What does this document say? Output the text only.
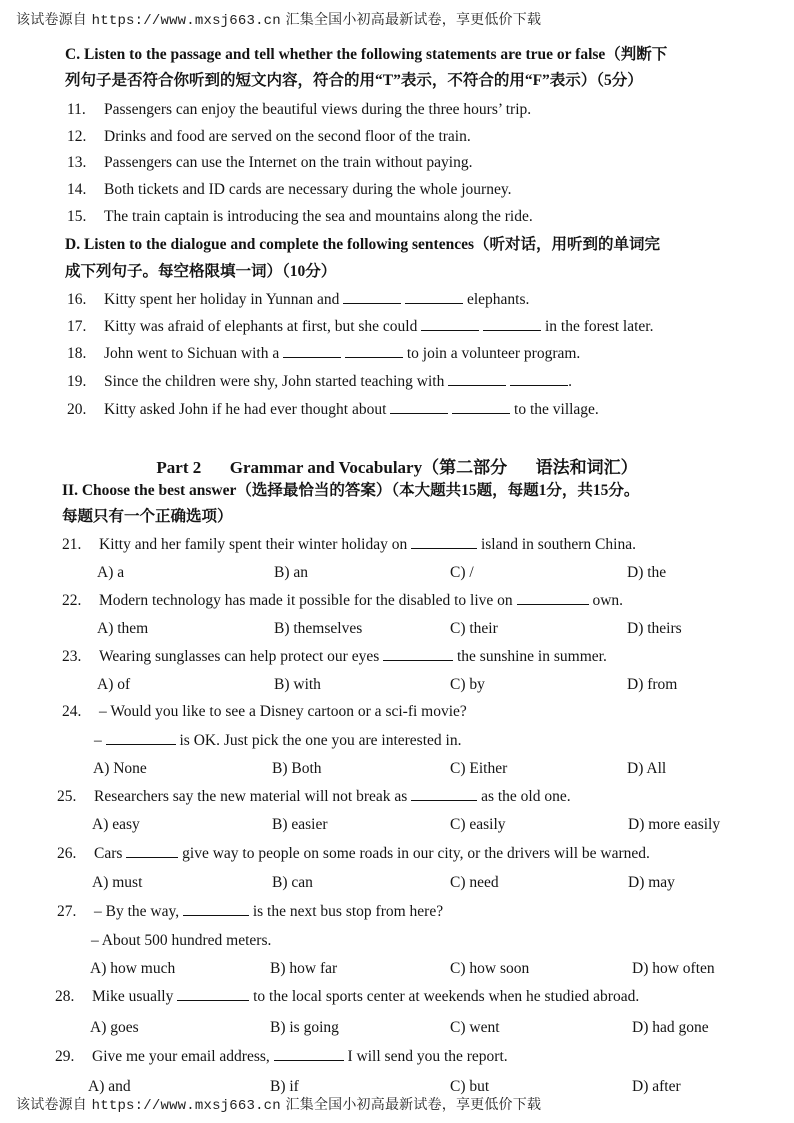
该试卷源自 https://www.mxsj663.cn 汇集全国小初高最新试卷，享更低价下载
C. Listen to the passage and tell whether the following statements are true or false（判断下
列句子是否符合你听到的短文内容，符合的用“T”表示，不符合的用“F”表示）（5分）
11. Passengers can enjoy the beautiful views during the three hours’ trip.
12. Drinks and food are served on the second floor of the train.
13. Passengers can use the Internet on the train without paying.
14. Both tickets and ID cards are necessary during the whole journey.
15. The train captain is introducing the sea and mountains along the ride.
D. Listen to the dialogue and complete the following sentences（听对话，用听到的单词完
成下列句子。每空格限填一词）（10分）
16. Kitty spent her holiday in Yunnan and	elephants.
17. Kitty was afraid of elephants at first, but she could	in the forest later.
18. John went to Sichuan with a	to join a volunteer program.
19. Since the children were shy, John started teaching with	.
20. Kitty asked John if he had ever thought about	to the village.
Part 2 Grammar and Vocabulary（第二部分 语法和词汇）
II. Choose the best answer（选择最恰当的答案）（本大题共15题，每题1分，共15分。
每题只有一个正确选项）
21. Kitty and her family spent their winter holiday on	island in southern China.
A) a	B) an	C) /	D) the
22. Modern technology has made it possible for the disabled to live on	own.
A) them	B) themselves	C) their	D) theirs
23. Wearing sunglasses can help protect our eyes	the sunshine in summer.
A) of	B) with	C) by	D) from
24. – Would you like to see a Disney cartoon or a sci-fi movie?
–	is OK. Just pick the one you are interested in.
A) None	B) Both	C) Either	D) All
25. Researchers say the new material will not break as	as the old one.
A) easy	B) easier	C) easily	D) more easily
26. Cars	give way to people on some roads in our city, or the drivers will be warned.
A) must	B) can	C) need	D) may
27. – By the way,	is the next bus stop from here?
– About 500 hundred meters.
A) how much	B) how far	C) how soon	D) how often
28. Mike usually	to the local sports center at weekends when he studied abroad.
A) goes	B) is going	C) went	D) had gone
29. Give me your email address,	I will send you the report.
A) and	B) if	C) but	D) after
该试卷源自 https://www.mxsj663.cn 汇集全国小初高最新试卷，享更低价下载
